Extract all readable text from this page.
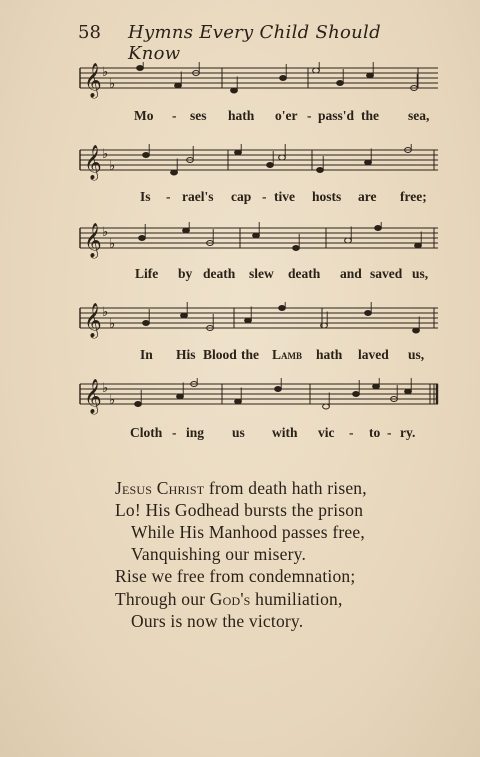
58 Hymns Every Child Should Know
𝄞 ♭
♭
Mo - ses hath o'er - pass'd the sea,
𝄞 ♭
♭
Is - rael's cap - tive hosts are free;
𝄞 ♭
♭
Life by death slew death and saved us,
𝄞 ♭
♭
In His Blood the Lamb hath laved us,
𝄞 ♭
♭
Cloth - ing us with vic - to - ry.
Jesus Christ from death hath risen,
Lo! His Godhead bursts the prison
While His Manhood passes free,
Vanquishing our misery.
Rise we free from condemnation;
Through our God's humiliation,
Ours is now the victory.
